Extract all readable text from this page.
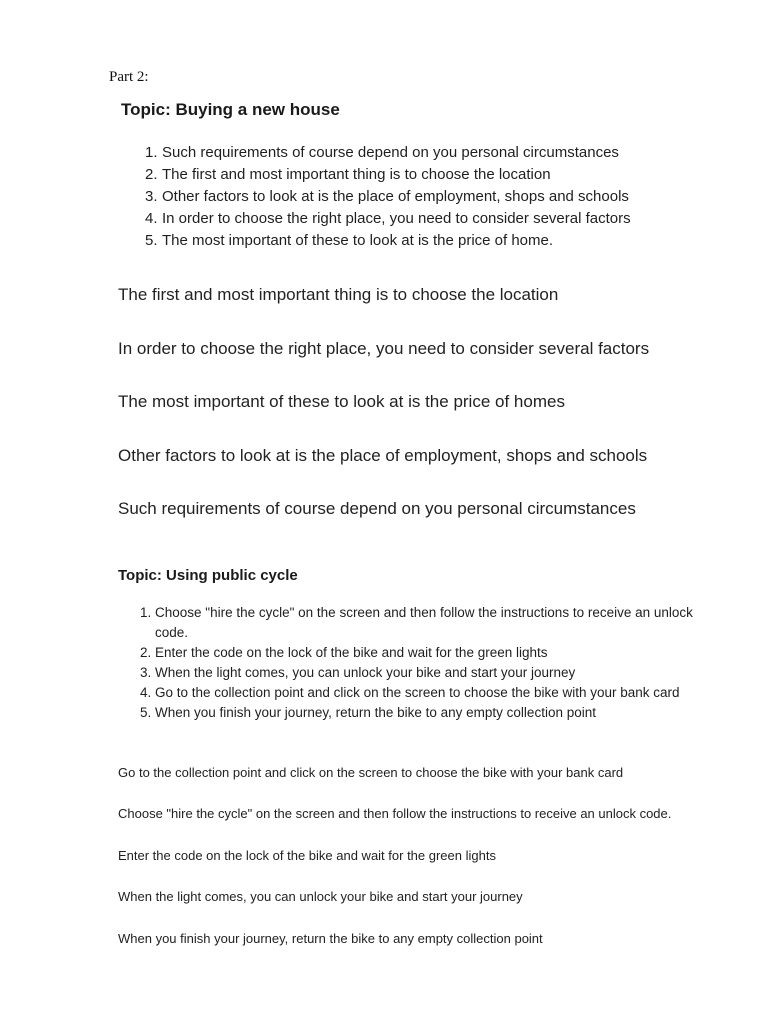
Part 2:
Topic: Buying a new house
1. Such requirements of course depend on you personal circumstances
2. The first and most important thing is to choose the location
3. Other factors to look at is the place of employment, shops and schools
4. In order to choose the right place, you need to consider several factors
5. The most important of these to look at is the price of home.

The first and most important thing is to choose the location

In order to choose the right place, you need to consider several factors

The most important of these to look at is the price of homes

Other factors to look at is the place of employment, shops and schools

Such requirements of course depend on you personal circumstances

Topic: Using public cycle
1. Choose "hire the cycle" on the screen and then follow the instructions to receive an unlock code.
2. Enter the code on the lock of the bike and wait for the green lights
3. When the light comes, you can unlock your bike and start your journey
4. Go to the collection point and click on the screen to choose the bike with your bank card
5. When you finish your journey, return the bike to any empty collection point

Go to the collection point and click on the screen to choose the bike with your bank card

Choose "hire the cycle" on the screen and then follow the instructions to receive an unlock code.

Enter the code on the lock of the bike and wait for the green lights

When the light comes, you can unlock your bike and start your journey

When you finish your journey, return the bike to any empty collection point
